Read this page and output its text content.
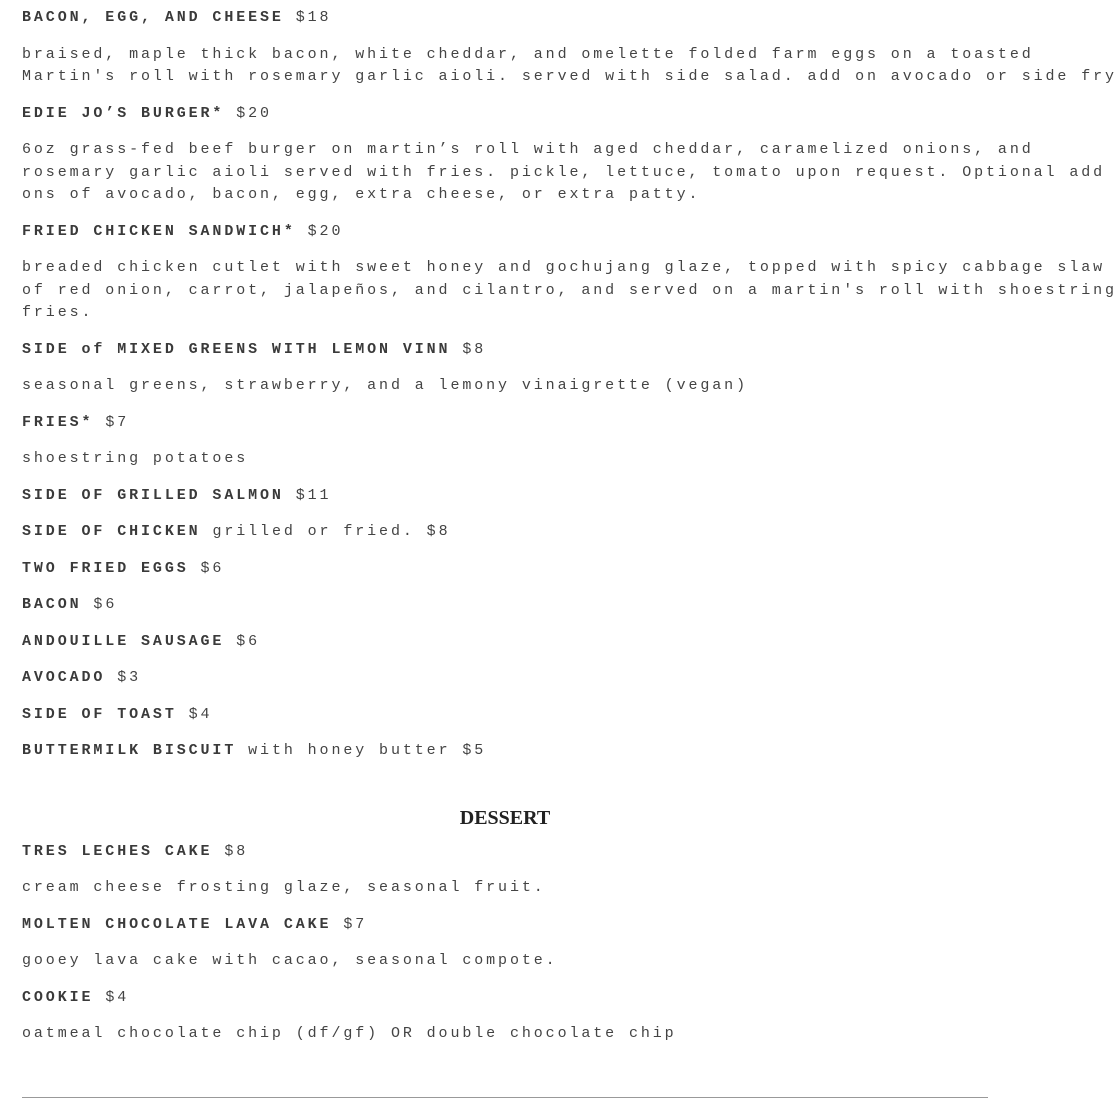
BACON, EGG, AND CHEESE $18
braised, maple thick bacon, white cheddar, and omelette folded farm eggs on a toasted
Martin's roll with rosemary garlic aioli. served with side salad. add on avocado or side fry
EDIE JO’S BURGER* $20
6oz grass-fed beef burger on martin’s roll with aged cheddar, caramelized onions, and
rosemary garlic aioli served with fries. pickle, lettuce, tomato upon request. Optional add
ons of avocado, bacon, egg, extra cheese, or extra patty.
FRIED CHICKEN SANDWICH* $20
breaded chicken cutlet with sweet honey and gochujang glaze, topped with spicy cabbage slaw
of red onion, carrot, jalapeños, and cilantro, and served on a martin's roll with shoestring
fries.
SIDE of MIXED GREENS WITH LEMON VINN $8
seasonal greens, strawberry, and a lemony vinaigrette (vegan)
FRIES* $7
shoestring potatoes
SIDE OF GRILLED SALMON $11
SIDE OF CHICKEN grilled or fried. $8
TWO FRIED EGGS $6
BACON $6
ANDOUILLE SAUSAGE $6
AVOCADO $3
SIDE OF TOAST $4
BUTTERMILK BISCUIT with honey butter $5
DESSERT
TRES LECHES CAKE $8
cream cheese frosting glaze, seasonal fruit.
MOLTEN CHOCOLATE LAVA CAKE $7
gooey lava cake with cacao, seasonal compote.
COOKIE $4
oatmeal chocolate chip (df/gf) OR double chocolate chip
